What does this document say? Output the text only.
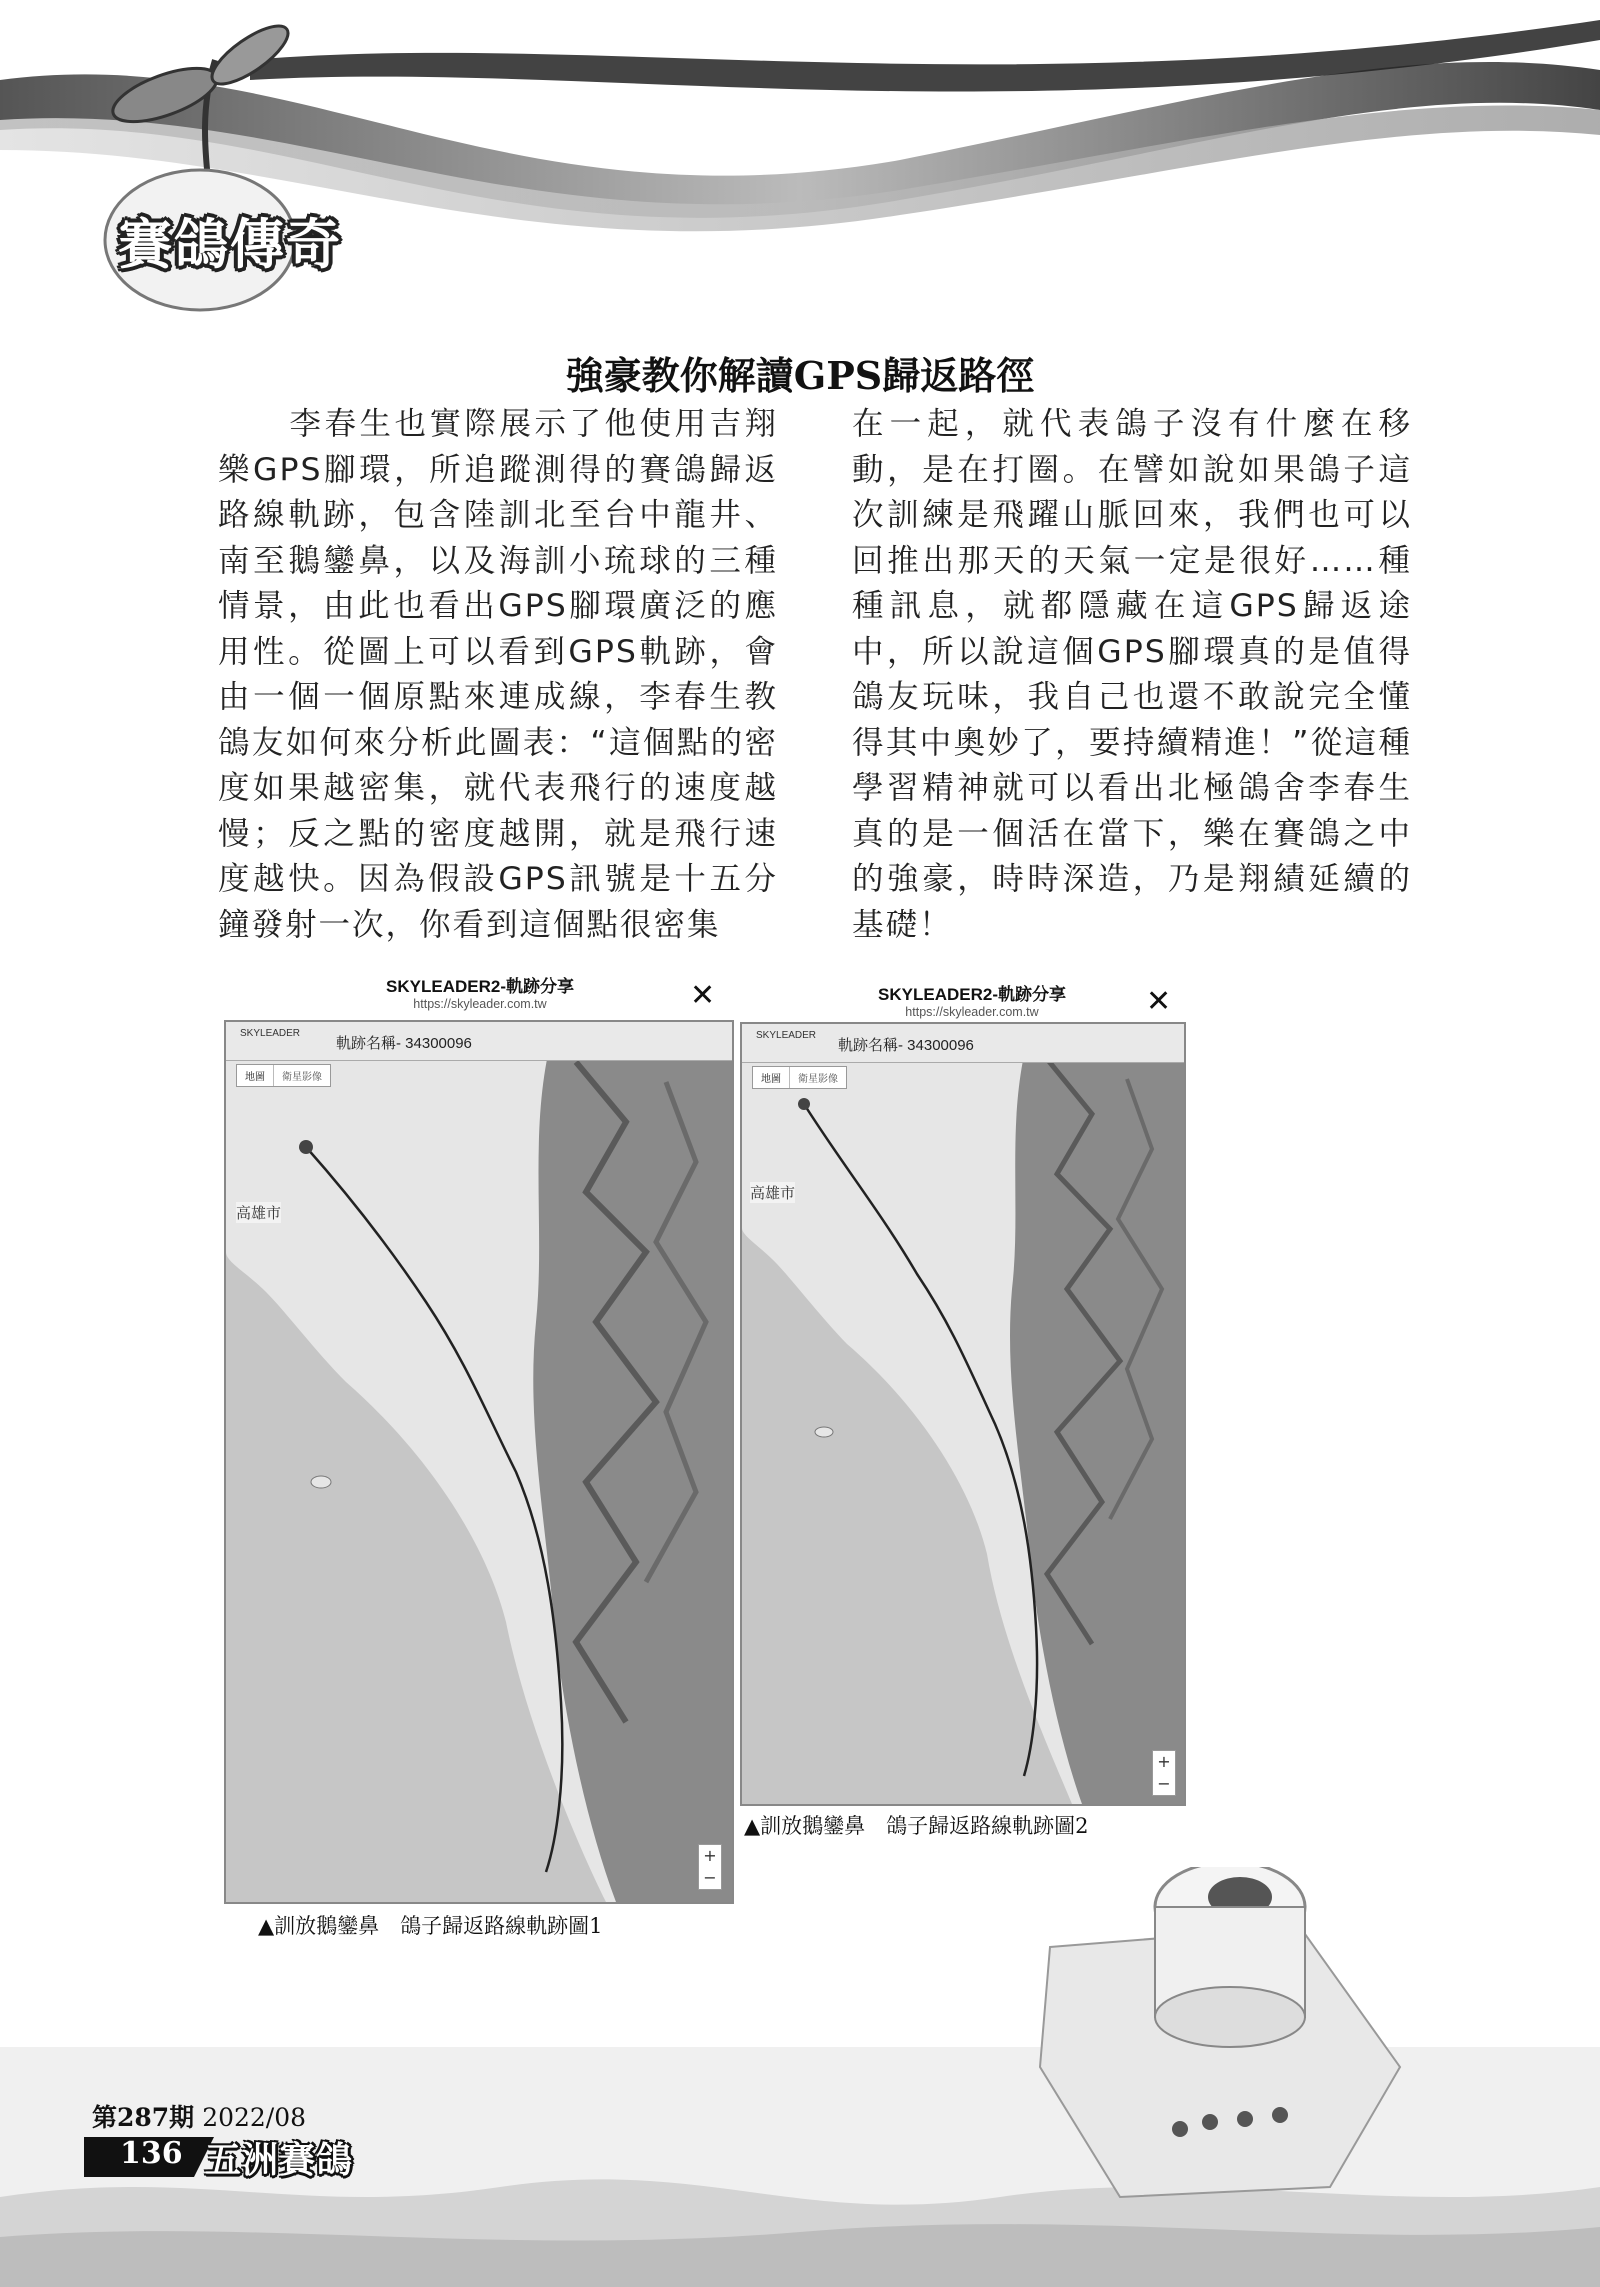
賽鴿傳奇
強豪教你解讀GPS歸返路徑
李春生也實際展示了他使用吉翔樂GPS腳環，所追蹤測得的賽鴿歸返路線軌跡，包含陸訓北至台中龍井、南至鵝鑾鼻，以及海訓小琉球的三種情景，由此也看出GPS腳環廣泛的應用性。從圖上可以看到GPS軌跡，會由一個一個原點來連成線，李春生教鴿友如何來分析此圖表：“這個點的密度如果越密集，就代表飛行的速度越慢；反之點的密度越開，就是飛行速度越快。因為假設GPS訊號是十五分鐘發射一次，你看到這個點很密集
在一起，就代表鴿子沒有什麼在移動，是在打圈。在譬如說如果鴿子這次訓練是飛躍山脈回來，我們也可以回推出那天的天氣一定是很好……種種訊息，就都隱藏在這GPS歸返途中，所以說這個GPS腳環真的是值得鴿友玩味，我自己也還不敢說完全懂得其中奧妙了，要持續精進！”從這種學習精神就可以看出北極鴿舍李春生真的是一個活在當下，樂在賽鴿之中的強豪，時時深造，乃是翔績延續的基礎！
SKYLEADER2-軌跡分享
https://skyleader.com.tw	✕
SKYLEADER
軌跡名稱- 34300096
地圖	衛星影像
高雄市
+
−
▲訓放鵝鑾鼻　鴿子歸返路線軌跡圖1
SKYLEADER2-軌跡分享
https://skyleader.com.tw	✕
SKYLEADER
軌跡名稱- 34300096
地圖	衛星影像
高雄市
+
−
▲訓放鵝鑾鼻　鴿子歸返路線軌跡圖2
第287期 2022/08
136 五洲賽鴿
